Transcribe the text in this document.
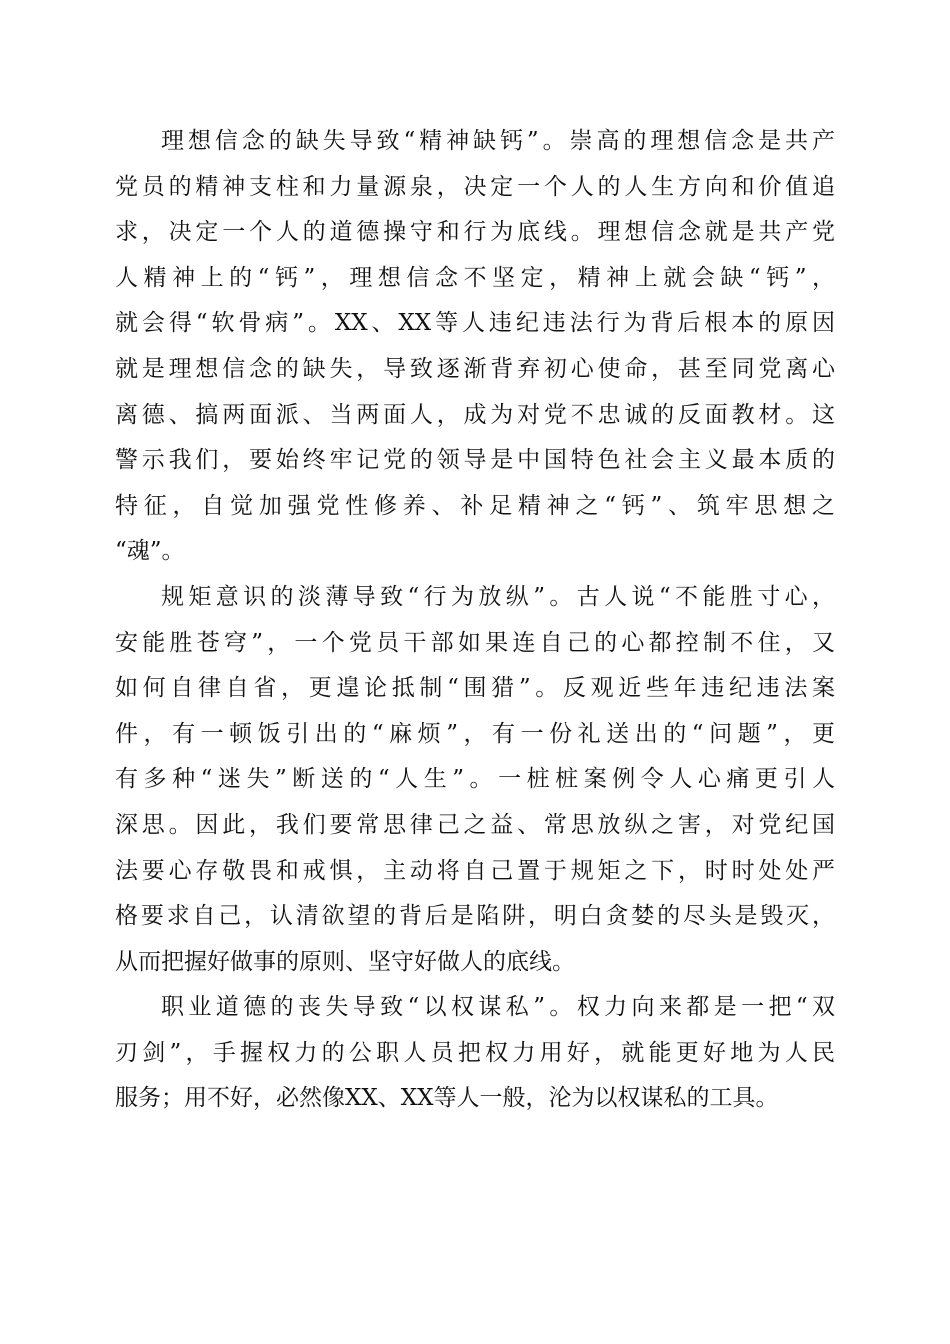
理想信念的缺失导致“精神缺钙”。崇高的理想信念是共产
党员的精神支柱和力量源泉，决定一个人的人生方向和价值追
求，决定一个人的道德操守和行为底线。理想信念就是共产党
人精神上的“钙”，理想信念不坚定，精神上就会缺“钙”，
就会得“软骨病”。XX、XX等人违纪违法行为背后根本的原因
就是理想信念的缺失，导致逐渐背弃初心使命，甚至同党离心
离德、搞两面派、当两面人，成为对党不忠诚的反面教材。这
警示我们，要始终牢记党的领导是中国特色社会主义最本质的
特征，自觉加强党性修养、补足精神之“钙”、筑牢思想之
“魂”。
规矩意识的淡薄导致“行为放纵”。古人说“不能胜寸心，
安能胜苍穹”，一个党员干部如果连自己的心都控制不住，又
如何自律自省，更遑论抵制“围猎”。反观近些年违纪违法案
件，有一顿饭引出的“麻烦”，有一份礼送出的“问题”，更
有多种“迷失”断送的“人生”。一桩桩案例令人心痛更引人
深思。因此，我们要常思律己之益、常思放纵之害，对党纪国
法要心存敬畏和戒惧，主动将自己置于规矩之下，时时处处严
格要求自己，认清欲望的背后是陷阱，明白贪婪的尽头是毁灭，
从而把握好做事的原则、坚守好做人的底线。
职业道德的丧失导致“以权谋私”。权力向来都是一把“双
刃剑”，手握权力的公职人员把权力用好，就能更好地为人民
服务；用不好，必然像XX、XX等人一般，沦为以权谋私的工具。
